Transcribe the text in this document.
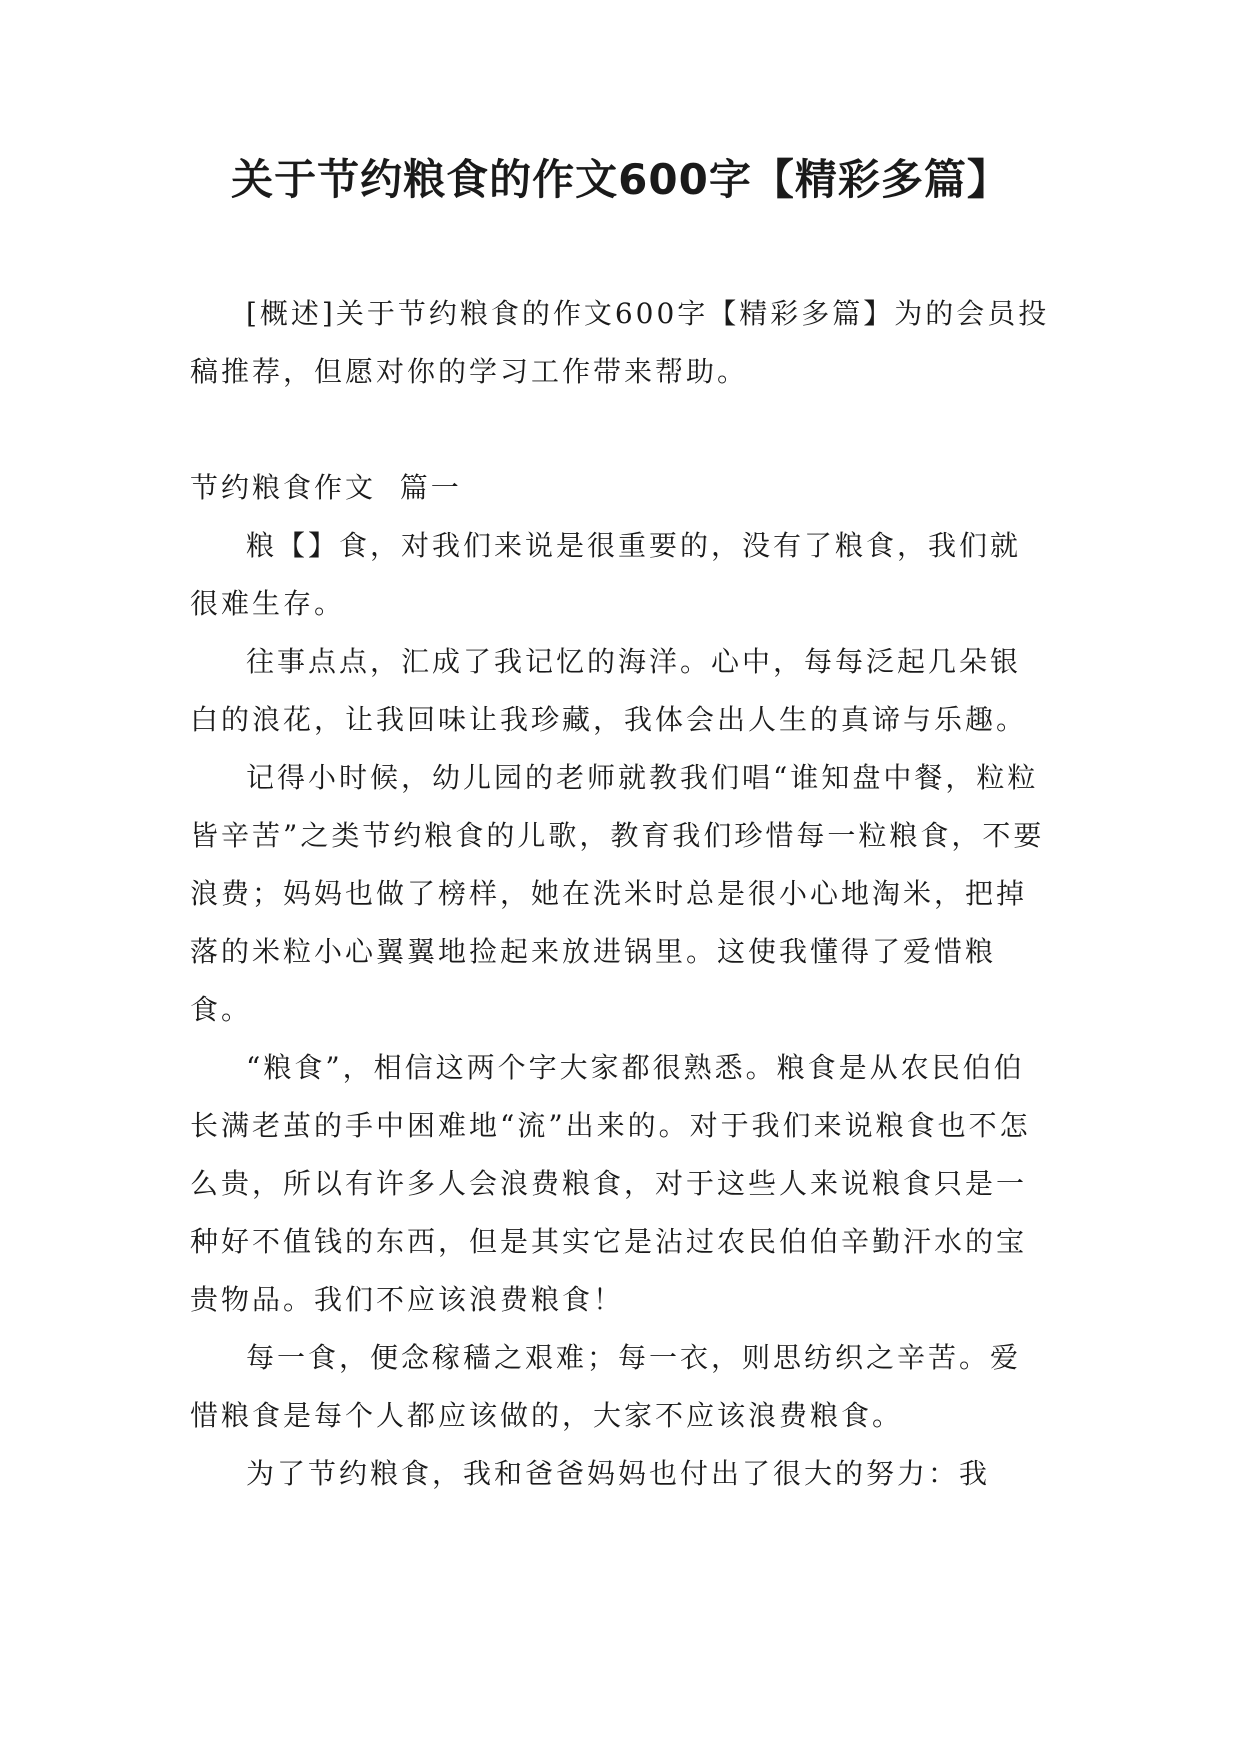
关于节约粮食的作文600字【精彩多篇】

[概述]关于节约粮食的作文600字【精彩多篇】为的会员投稿推荐，但愿对你的学习工作带来帮助。

节约粮食作文  篇一

粮【】食，对我们来说是很重要的，没有了粮食，我们就很难生存。

往事点点，汇成了我记忆的海洋。心中，每每泛起几朵银白的浪花，让我回味让我珍藏，我体会出人生的真谛与乐趣。

记得小时候，幼儿园的老师就教我们唱“谁知盘中餐，粒粒皆辛苦”之类节约粮食的儿歌，教育我们珍惜每一粒粮食，不要浪费；妈妈也做了榜样，她在洗米时总是很小心地淘米，把掉落的米粒小心翼翼地捡起来放进锅里。这使我懂得了爱惜粮食。

“粮食”，相信这两个字大家都很熟悉。粮食是从农民伯伯长满老茧的手中困难地“流”出来的。对于我们来说粮食也不怎么贵，所以有许多人会浪费粮食，对于这些人来说粮食只是一种好不值钱的东西，但是其实它是沾过农民伯伯辛勤汗水的宝贵物品。我们不应该浪费粮食！

每一食，便念稼穑之艰难；每一衣，则思纺织之辛苦。爱惜粮食是每个人都应该做的，大家不应该浪费粮食。

为了节约粮食，我和爸爸妈妈也付出了很大的努力：我
